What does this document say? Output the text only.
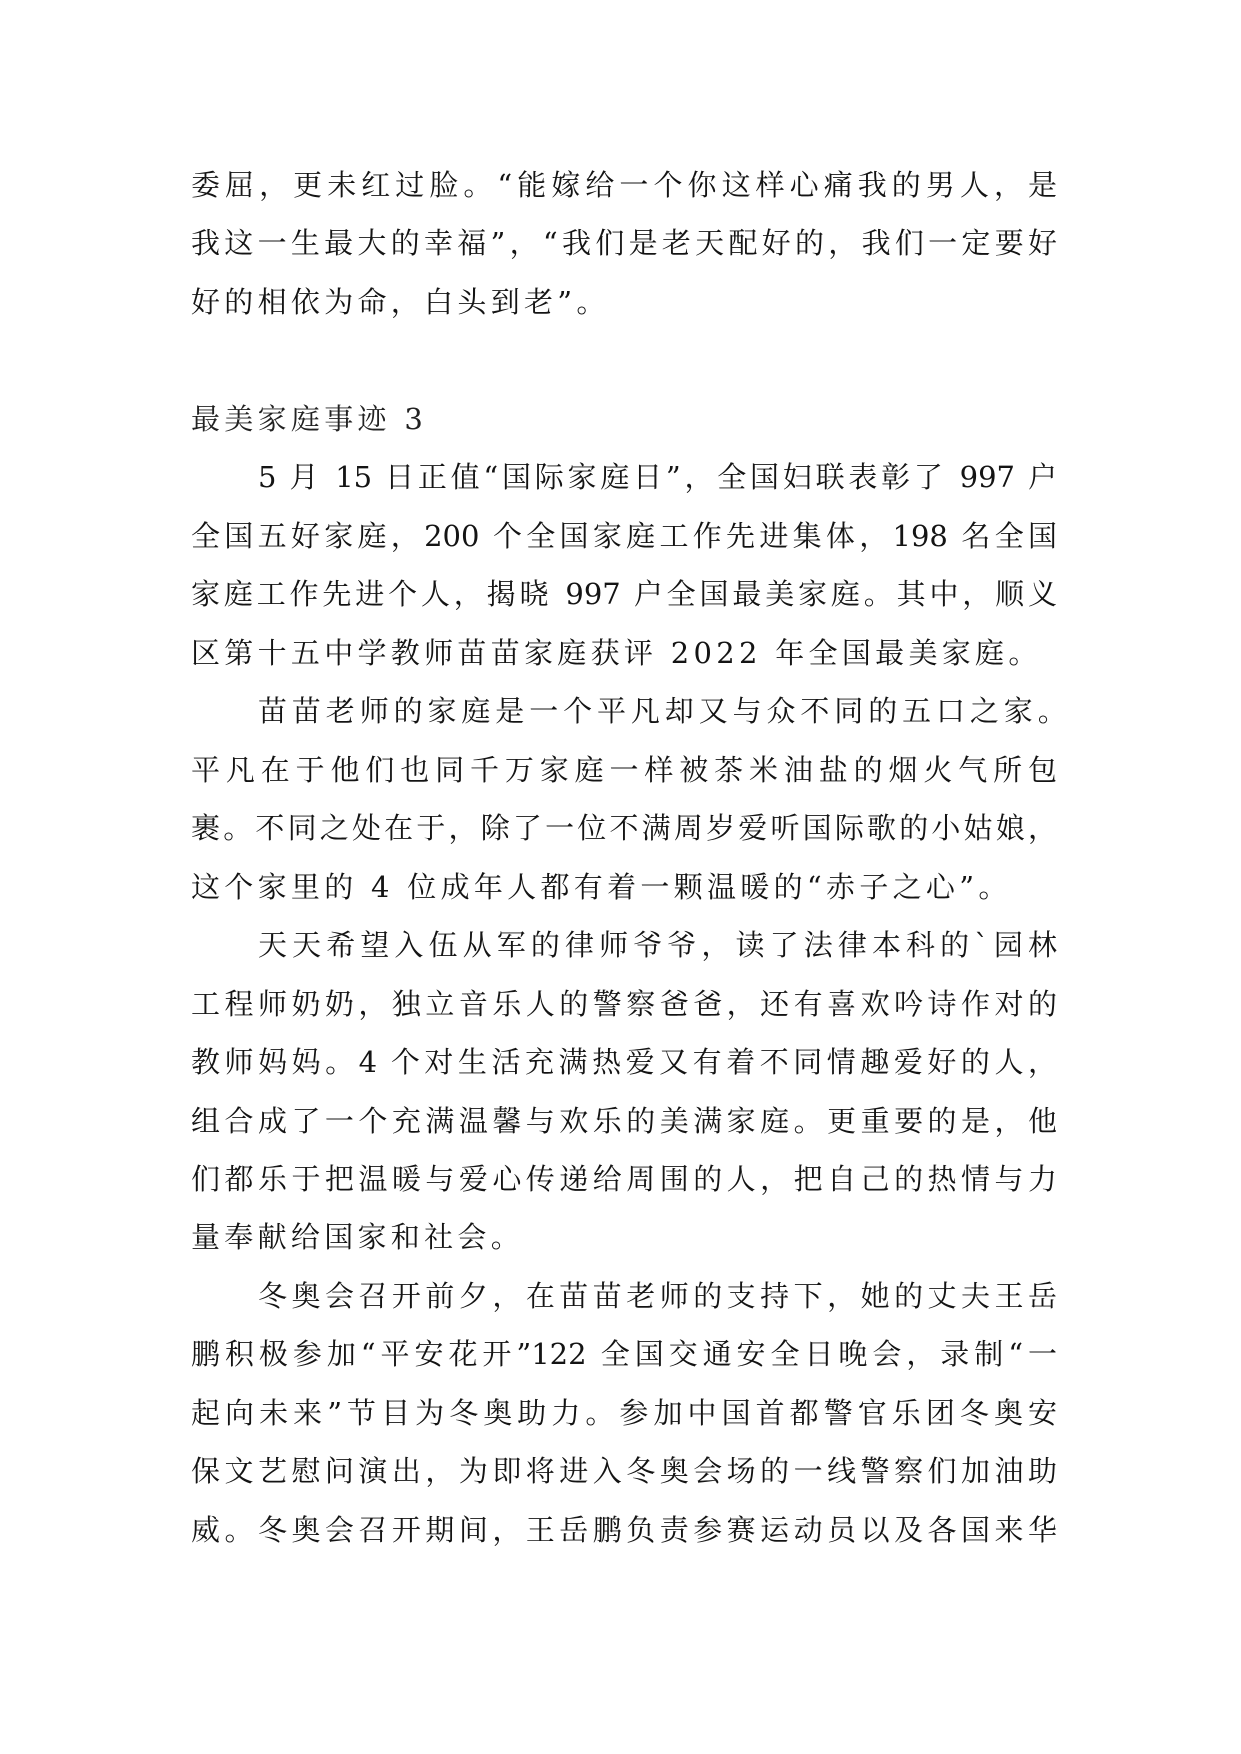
委屈，更未红过脸。“能嫁给一个你这样心痛我的男人，是
我这一生最大的幸福”，“我们是老天配好的，我们一定要好
好的相依为命，白头到老”。
最美家庭事迹 3
5 月 15 日正值“国际家庭日”，全国妇联表彰了 997 户
全国五好家庭，200 个全国家庭工作先进集体，198 名全国
家庭工作先进个人，揭晓 997 户全国最美家庭。其中，顺义
区第十五中学教师苗苗家庭获评 2022 年全国最美家庭。
苗苗老师的家庭是一个平凡却又与众不同的五口之家。
平凡在于他们也同千万家庭一样被茶米油盐的烟火气所包
裹。不同之处在于，除了一位不满周岁爱听国际歌的小姑娘，
这个家里的 4 位成年人都有着一颗温暖的“赤子之心”。
天天希望入伍从军的律师爷爷，读了法律本科的`园林
工程师奶奶，独立音乐人的警察爸爸，还有喜欢吟诗作对的
教师妈妈。4 个对生活充满热爱又有着不同情趣爱好的人，
组合成了一个充满温馨与欢乐的美满家庭。更重要的是，他
们都乐于把温暖与爱心传递给周围的人，把自己的热情与力
量奉献给国家和社会。
冬奥会召开前夕，在苗苗老师的支持下，她的丈夫王岳
鹏积极参加“平安花开”122 全国交通安全日晚会，录制“一
起向未来”节目为冬奥助力。参加中国首都警官乐团冬奥安
保文艺慰问演出，为即将进入冬奥会场的一线警察们加油助
威。冬奥会召开期间，王岳鹏负责参赛运动员以及各国来华
